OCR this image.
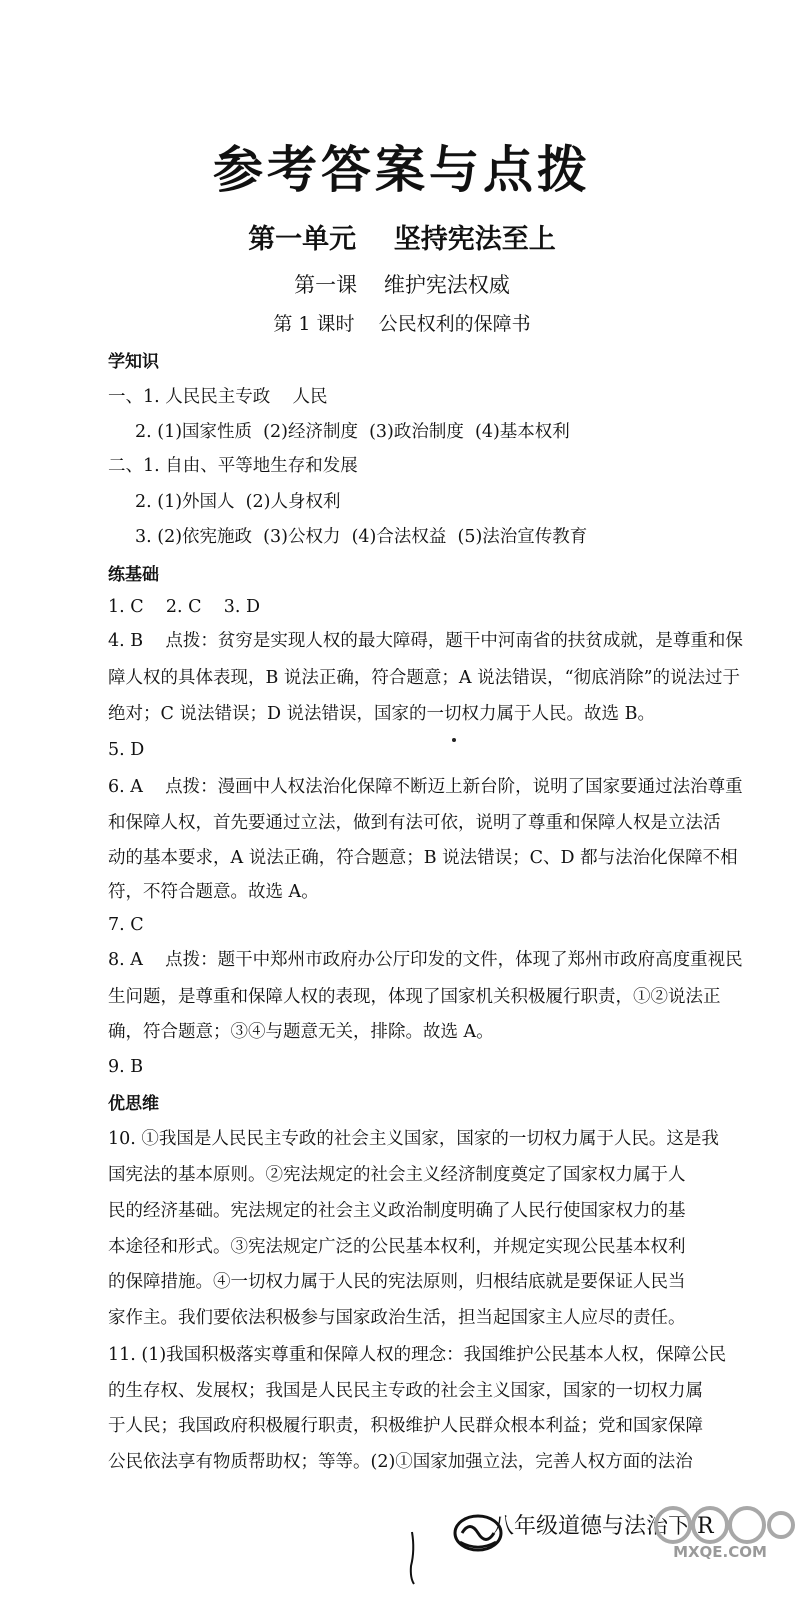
参考答案与点拨
第一单元    坚持宪法至上
第一课    维护宪法权威
第 1 课时    公民权利的保障书
学知识
一、1. 人民民主专政    人民
2. (1)国家性质  (2)经济制度  (3)政治制度  (4)基本权利
二、1. 自由、平等地生存和发展
2. (1)外国人  (2)人身权利
3. (2)依宪施政  (3)公权力  (4)合法权益  (5)法治宣传教育
练基础
1. C    2. C    3. D
4. B    点拨：贫穷是实现人权的最大障碍，题干中河南省的扶贫成就，是尊重和保
障人权的具体表现，B 说法正确，符合题意；A 说法错误，“彻底消除”的说法过于
绝对；C 说法错误；D 说法错误，国家的一切权力属于人民。故选 B。
5. D
6. A    点拨：漫画中人权法治化保障不断迈上新台阶，说明了国家要通过法治尊重
和保障人权，首先要通过立法，做到有法可依，说明了尊重和保障人权是立法活
动的基本要求，A 说法正确，符合题意；B 说法错误；C、D 都与法治化保障不相
符，不符合题意。故选 A。
7. C
8. A    点拨：题干中郑州市政府办公厅印发的文件，体现了郑州市政府高度重视民
生问题，是尊重和保障人权的表现，体现了国家机关积极履行职责，①②说法正
确，符合题意；③④与题意无关，排除。故选 A。
9. B
优思维
10. ①我国是人民民主专政的社会主义国家，国家的一切权力属于人民。这是我
国宪法的基本原则。②宪法规定的社会主义经济制度奠定了国家权力属于人
民的经济基础。宪法规定的社会主义政治制度明确了人民行使国家权力的基
本途径和形式。③宪法规定广泛的公民基本权利，并规定实现公民基本权利
的保障措施。④一切权力属于人民的宪法原则，归根结底就是要保证人民当
家作主。我们要依法积极参与国家政治生活，担当起国家主人应尽的责任。
11. (1)我国积极落实尊重和保障人权的理念：我国维护公民基本人权，保障公民
的生存权、发展权；我国是人民民主专政的社会主义国家，国家的一切权力属
于人民；我国政府积极履行职责，积极维护人民群众根本利益；党和国家保障
公民依法享有物质帮助权；等等。(2)①国家加强立法，完善人权方面的法治
八年级道德与法治下·R
MXQE.COM
